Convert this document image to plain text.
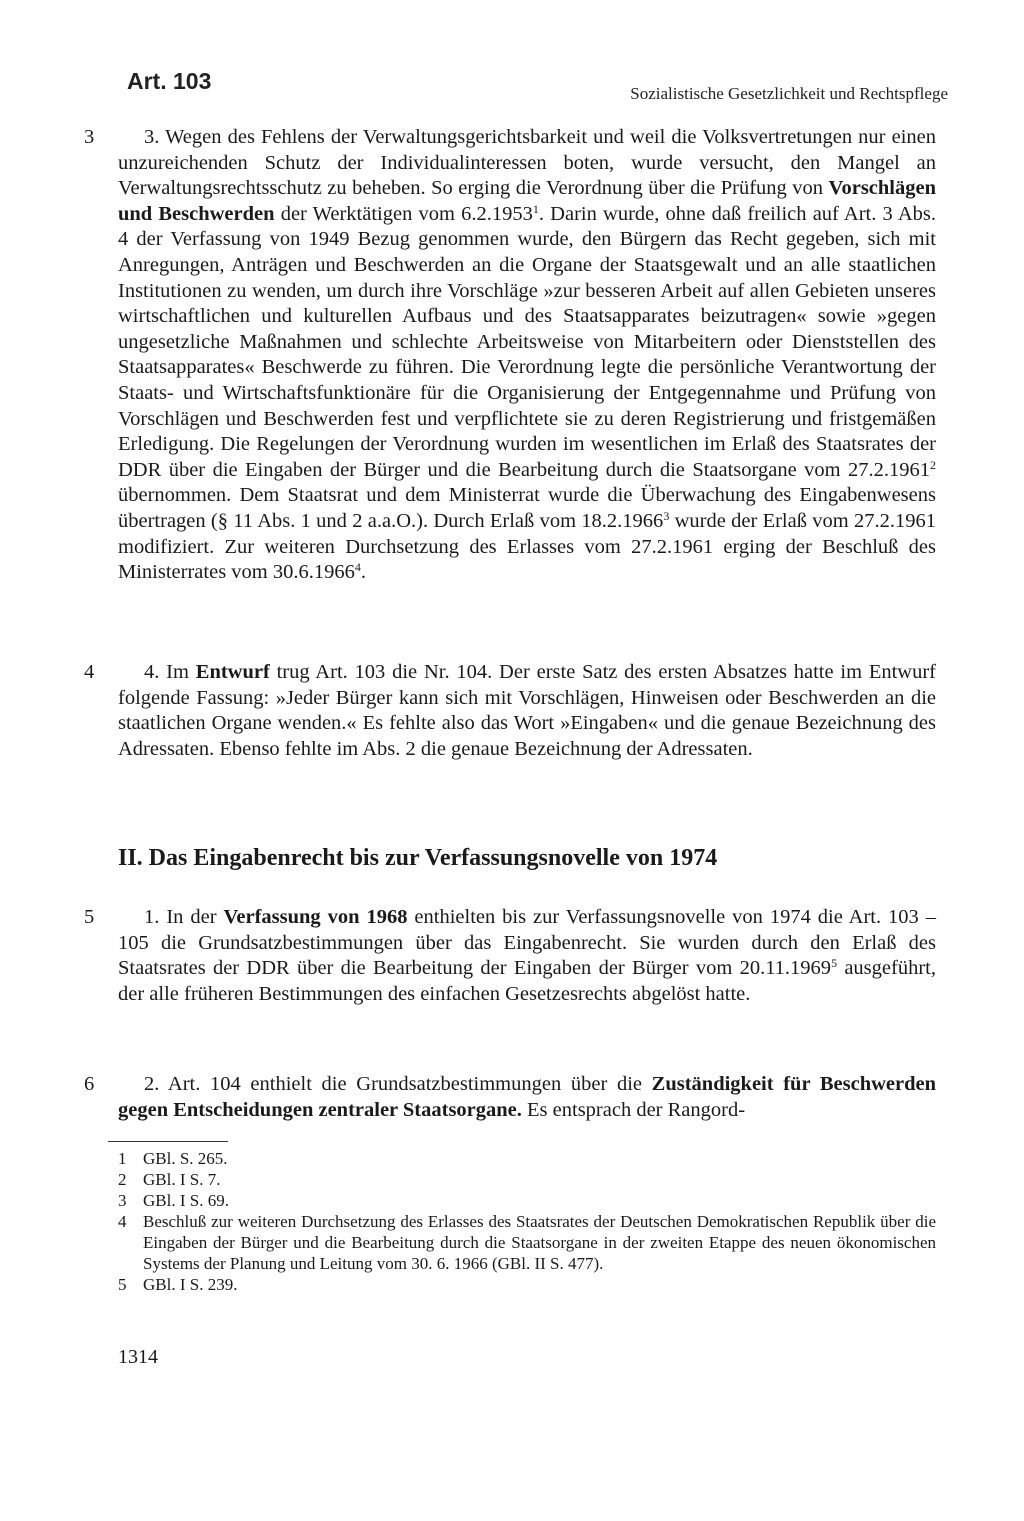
Art. 103	Sozialistische Gesetzlichkeit und Rechtspflege
3	3. Wegen des Fehlens der Verwaltungsgerichtsbarkeit und weil die Volksvertretungen nur einen unzureichenden Schutz der Individualinteressen boten, wurde versucht, den Mangel an Verwaltungsrechtsschutz zu beheben. So erging die Verordnung über die Prüfung von Vorschlägen und Beschwerden der Werktätigen vom 6.2.1953$^1$. Darin wurde, ohne daß freilich auf Art. 3 Abs. 4 der Verfassung von 1949 Bezug genommen wurde, den Bürgern das Recht gegeben, sich mit Anregungen, Anträgen und Beschwerden an die Organe der Staatsgewalt und an alle staatlichen Institutionen zu wenden, um durch ihre Vorschläge »zur besseren Arbeit auf allen Gebieten unseres wirtschaftlichen und kulturellen Aufbaus und des Staatsapparates beizutragen« sowie »gegen ungesetzliche Maßnahmen und schlechte Arbeitsweise von Mitarbeitern oder Dienststellen des Staatsapparates« Beschwerde zu führen. Die Verordnung legte die persönliche Verantwortung der Staats- und Wirtschaftsfunktionäre für die Organisierung der Entgegennahme und Prüfung von Vorschlägen und Beschwerden fest und verpflichtete sie zu deren Registrierung und fristgemäßen Erledigung. Die Regelungen der Verordnung wurden im wesentlichen im Erlaß des Staatsrates der DDR über die Eingaben der Bürger und die Bearbeitung durch die Staatsorgane vom 27.2.1961$^2$ übernommen. Dem Staatsrat und dem Ministerrat wurde die Überwachung des Eingabenwesens übertragen (§ 11 Abs. 1 und 2 a.a.O.). Durch Erlaß vom 18.2.1966$^3$ wurde der Erlaß vom 27.2.1961 modifiziert. Zur weiteren Durchsetzung des Erlasses vom 27.2.1961 erging der Beschluß des Ministerrates vom 30.6.1966$^4$.

4	4. Im Entwurf trug Art. 103 die Nr. 104. Der erste Satz des ersten Absatzes hatte im Entwurf folgende Fassung: »Jeder Bürger kann sich mit Vorschlägen, Hinweisen oder Beschwerden an die staatlichen Organe wenden.« Es fehlte also das Wort »Eingaben« und die genaue Bezeichnung des Adressaten. Ebenso fehlte im Abs. 2 die genaue Bezeichnung der Adressaten.

II. Das Eingabenrecht bis zur Verfassungsnovelle von 1974
5	1. In der Verfassung von 1968 enthielten bis zur Verfassungsnovelle von 1974 die Art. 103 – 105 die Grundsatzbestimmungen über das Eingabenrecht. Sie wurden durch den Erlaß des Staatsrates der DDR über die Bearbeitung der Eingaben der Bürger vom 20.11.1969$^5$ ausgeführt, der alle früheren Bestimmungen des einfachen Gesetzesrechts abgelöst hatte.

6	2. Art. 104 enthielt die Grundsatzbestimmungen über die Zuständigkeit für Beschwerden gegen Entscheidungen zentraler Staatsorgane. Es entsprach der Rangord-

1 GBl. S. 265.
2 GBl. I S. 7.
3 GBl. I S. 69.
4 Beschluß zur weiteren Durchsetzung des Erlasses des Staatsrates der Deutschen Demokratischen Republik über die Eingaben der Bürger und die Bearbeitung durch die Staatsorgane in der zweiten Etappe des neuen ökonomischen Systems der Planung und Leitung vom 30. 6. 1966 (GBl. II S. 477).
5 GBl. I S. 239.
1314
